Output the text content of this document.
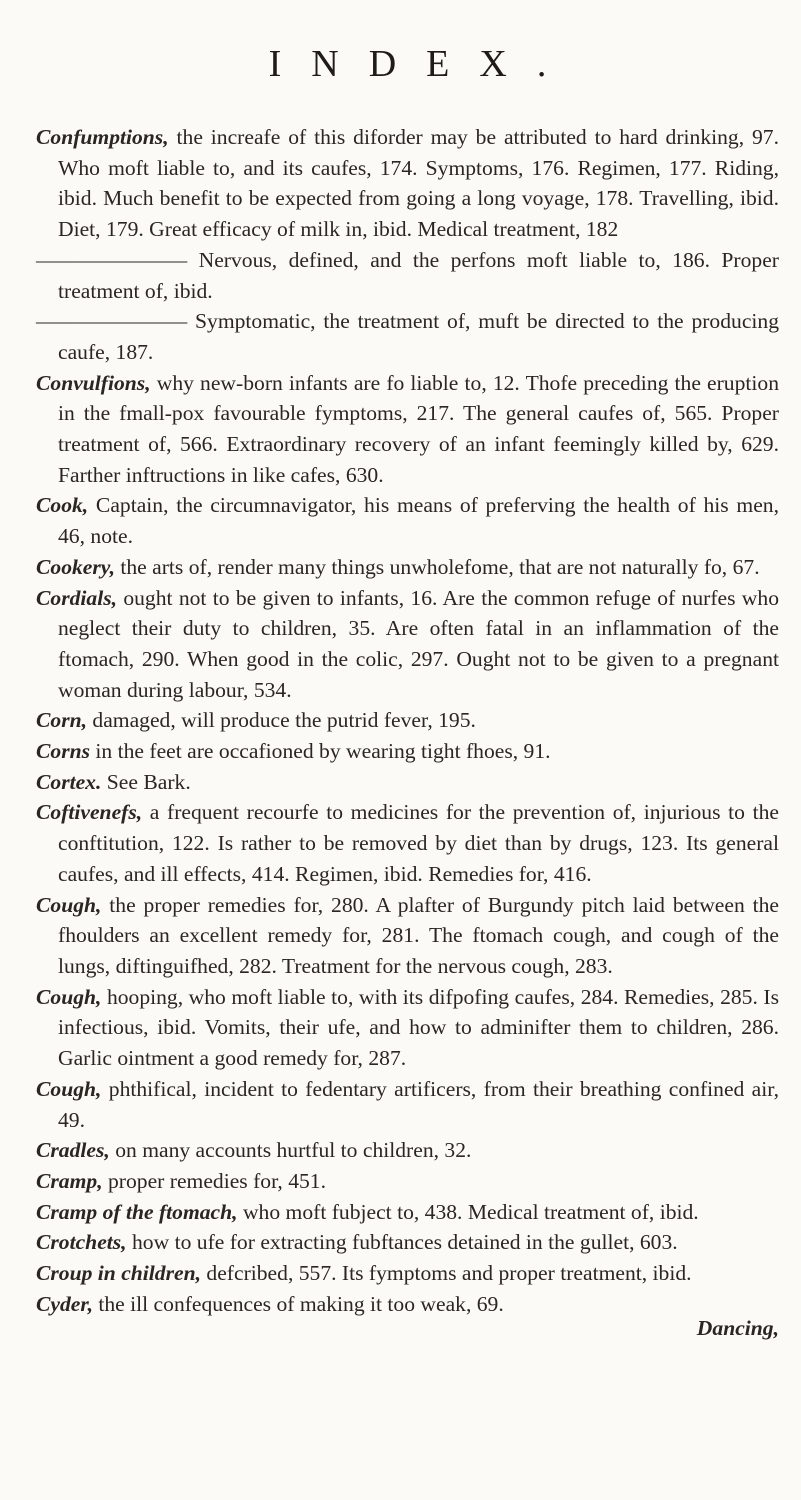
INDEX.

Confumptions, the increafe of this diforder may be attributed to hard drinking, 97. Who moft liable to, and its caufes, 174. Symptoms, 176. Regimen, 177. Riding, ibid. Much benefit to be expected from going a long voyage, 178. Travelling, ibid. Diet, 179. Great efficacy of milk in, ibid. Medical treatment, 182

——————— Nervous, defined, and the perfons moft liable to, 186. Proper treatment of, ibid.

——————— Symptomatic, the treatment of, muft be directed to the producing caufe, 187.

Convulfions, why new-born infants are fo liable to, 12. Thofe preceding the eruption in the fmall-pox favourable fymptoms, 217. The general caufes of, 565. Proper treatment of, 566. Extraordinary recovery of an infant feemingly killed by, 629. Farther inftructions in like cafes, 630.

Cook, Captain, the circumnavigator, his means of preferving the health of his men, 46, note.

Cookery, the arts of, render many things unwholefome, that are not naturally fo, 67.

Cordials, ought not to be given to infants, 16. Are the common refuge of nurfes who neglect their duty to children, 35. Are often fatal in an inflammation of the ftomach, 290. When good in the colic, 297. Ought not to be given to a pregnant woman during labour, 534.

Corn, damaged, will produce the putrid fever, 195.

Corns in the feet are occafioned by wearing tight fhoes, 91.

Cortex. See Bark.

Coftivenefs, a frequent recourfe to medicines for the prevention of, injurious to the conftitution, 122. Is rather to be removed by diet than by drugs, 123. Its general caufes, and ill effects, 414. Regimen, ibid. Remedies for, 416.

Cough, the proper remedies for, 280. A plafter of Burgundy pitch laid between the fhoulders an excellent remedy for, 281. The ftomach cough, and cough of the lungs, diftinguifhed, 282. Treatment for the nervous cough, 283.

Cough, hooping, who moft liable to, with its difpofing caufes, 284. Remedies, 285. Is infectious, ibid. Vomits, their ufe, and how to adminifter them to children, 286. Garlic ointment a good remedy for, 287.

Cough, phthifical, incident to fedentary artificers, from their breathing confined air, 49.

Cradles, on many accounts hurtful to children, 32.

Cramp, proper remedies for, 451.

Cramp of the ftomach, who moft fubject to, 438. Medical treatment of, ibid.

Crotchets, how to ufe for extracting fubftances detained in the gullet, 603.

Croup in children, defcribed, 557. Its fymptoms and proper treatment, ibid.

Cyder, the ill confequences of making it too weak, 69.

Dancing,
